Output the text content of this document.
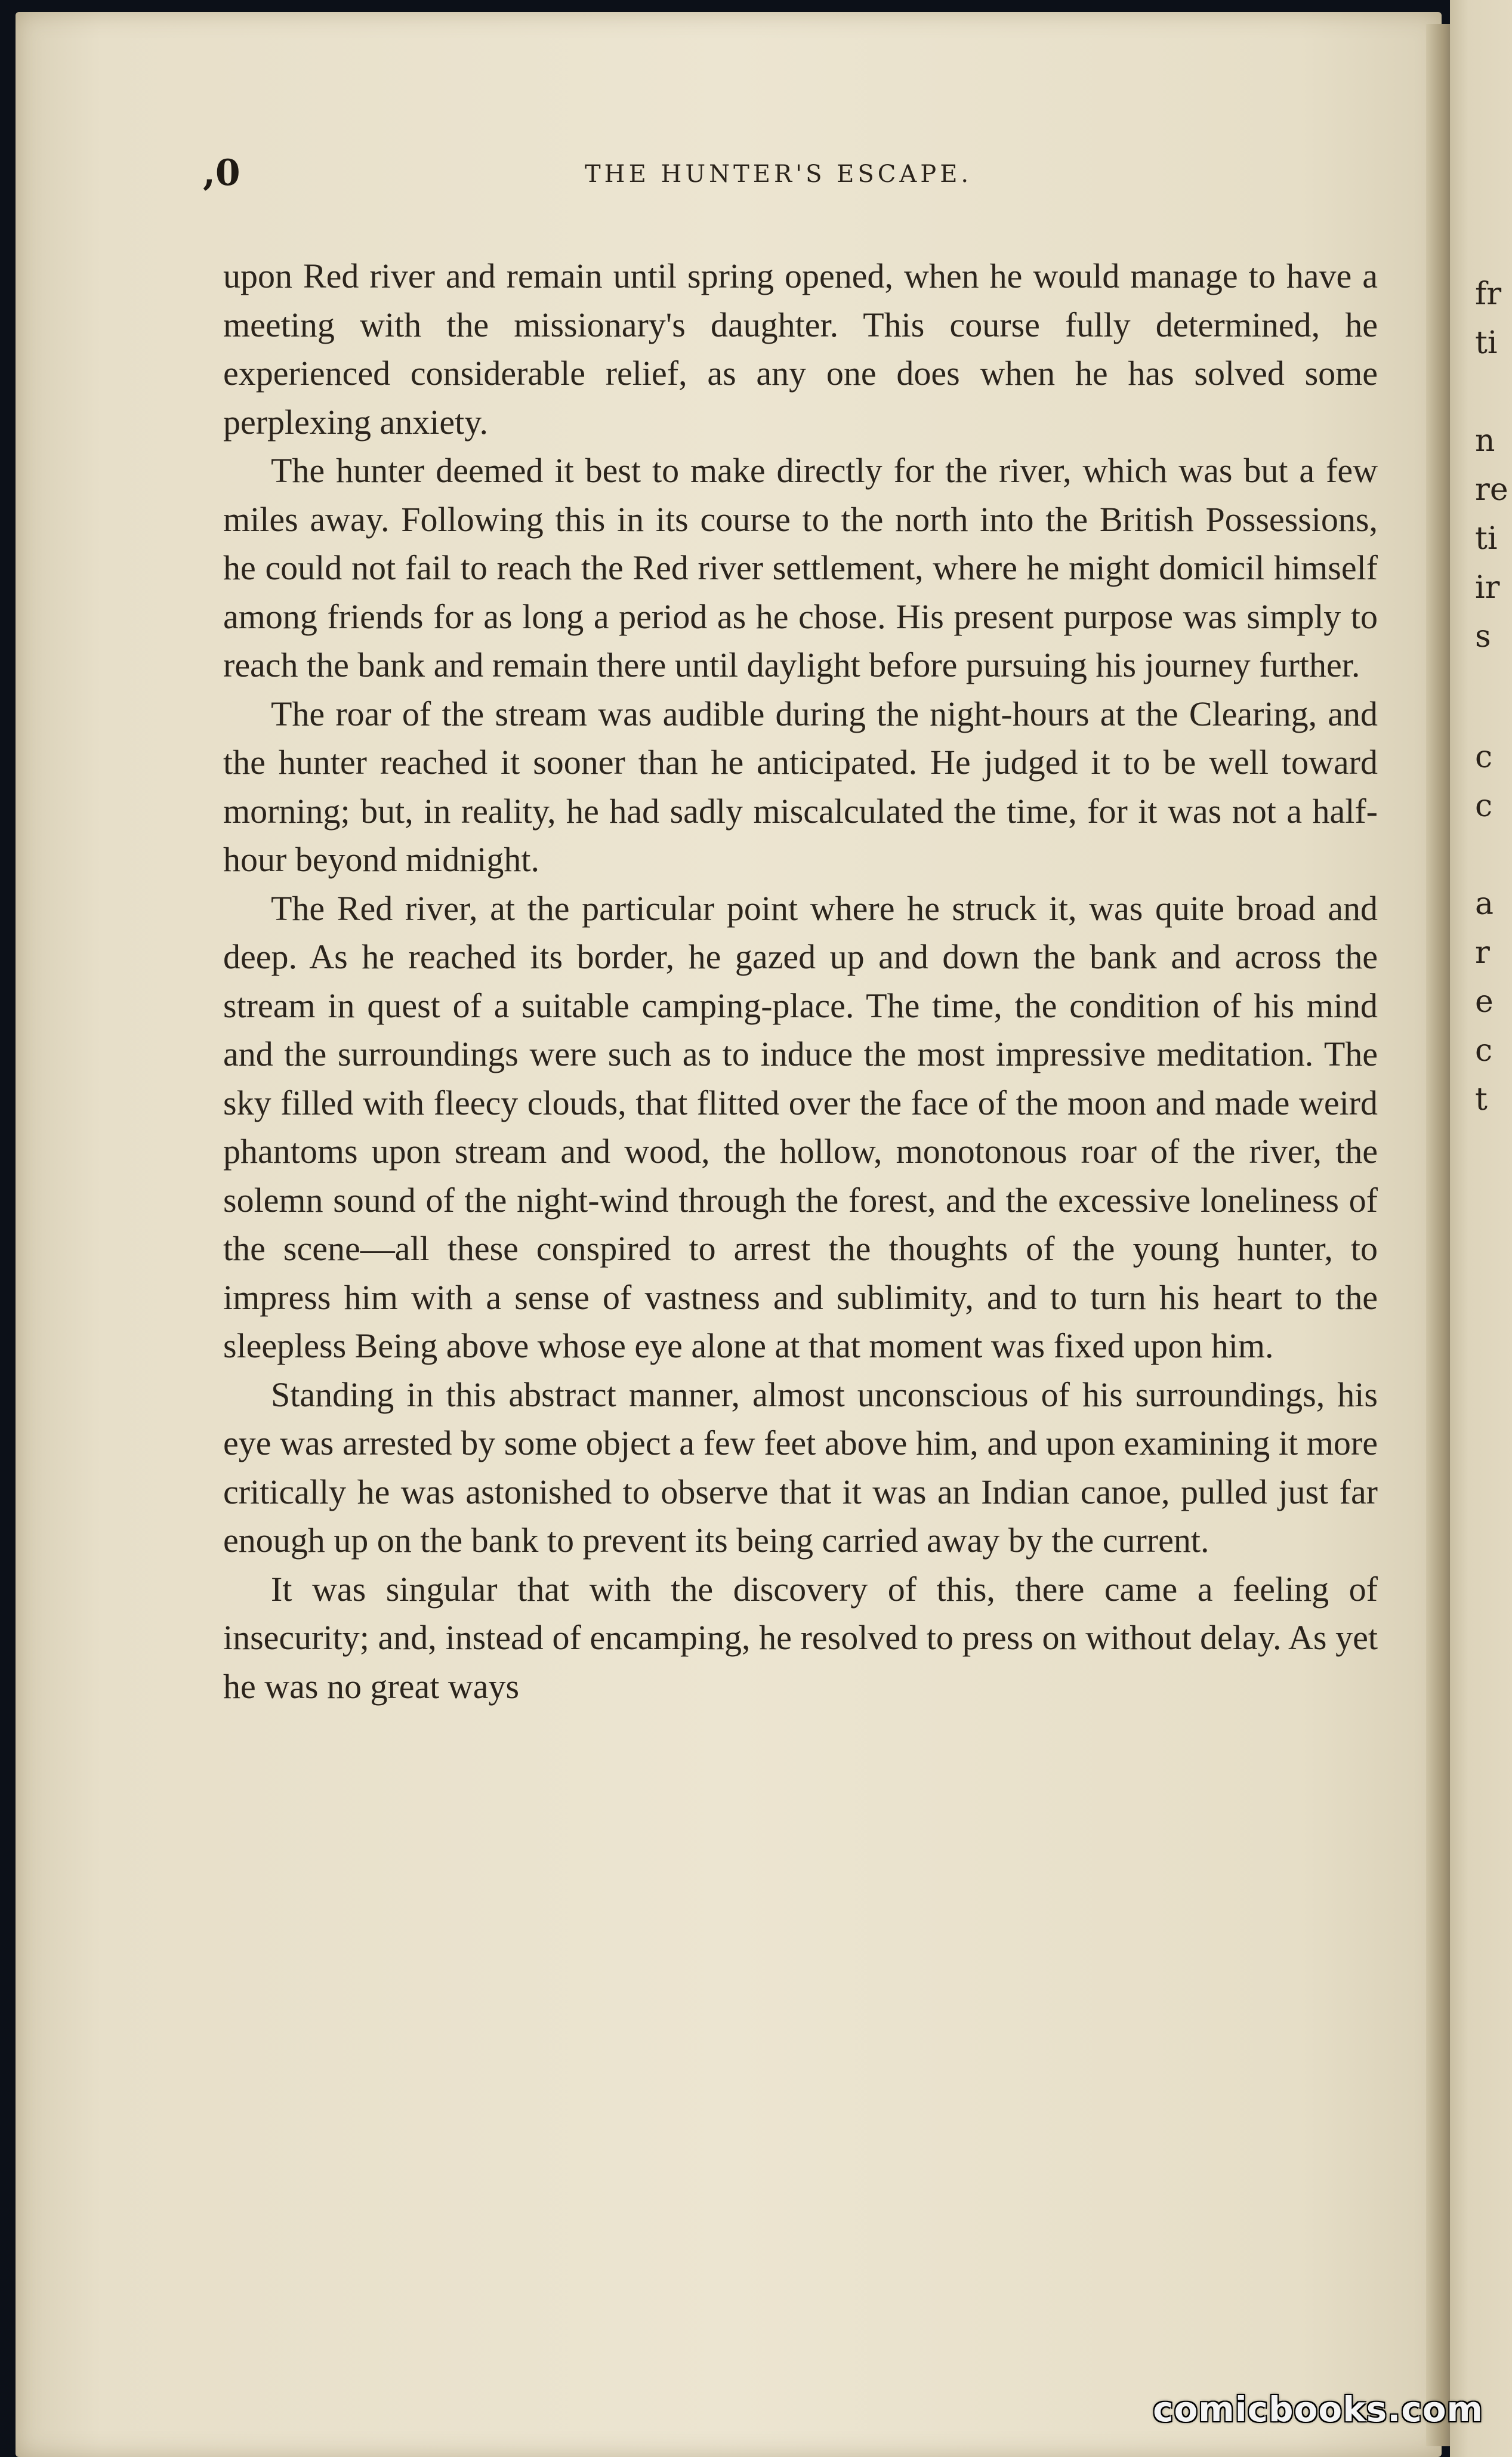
fr
ti
n
re
ti
ir
s
c
c
a
r
e
c
t
,0	THE HUNTER'S ESCAPE.

upon Red river and remain until spring opened, when he would manage to have a meeting with the missionary's daughter. This course fully determined, he experienced considerable relief, as any one does when he has solved some perplexing anxiety.

The hunter deemed it best to make directly for the river, which was but a few miles away. Following this in its course to the north into the British Possessions, he could not fail to reach the Red river settlement, where he might domicil himself among friends for as long a period as he chose. His present purpose was simply to reach the bank and remain there until daylight before pursuing his journey further.

The roar of the stream was audible during the night-hours at the Clearing, and the hunter reached it sooner than he anticipated. He judged it to be well toward morning; but, in reality, he had sadly miscalculated the time, for it was not a half-hour beyond midnight.

The Red river, at the particular point where he struck it, was quite broad and deep. As he reached its border, he gazed up and down the bank and across the stream in quest of a suitable camping-place. The time, the condition of his mind and the surroundings were such as to induce the most impressive meditation. The sky filled with fleecy clouds, that flitted over the face of the moon and made weird phantoms upon stream and wood, the hollow, monotonous roar of the river, the solemn sound of the night-wind through the forest, and the excessive loneliness of the scene—all these conspired to arrest the thoughts of the young hunter, to impress him with a sense of vastness and sublimity, and to turn his heart to the sleepless Being above whose eye alone at that moment was fixed upon him.

Standing in this abstract manner, almost unconscious of his surroundings, his eye was arrested by some object a few feet above him, and upon examining it more critically he was astonished to observe that it was an Indian canoe, pulled just far enough up on the bank to prevent its being carried away by the current.

It was singular that with the discovery of this, there came a feeling of insecurity; and, instead of encamping, he resolved to press on without delay. As yet he was no great ways

comicbooks.com
